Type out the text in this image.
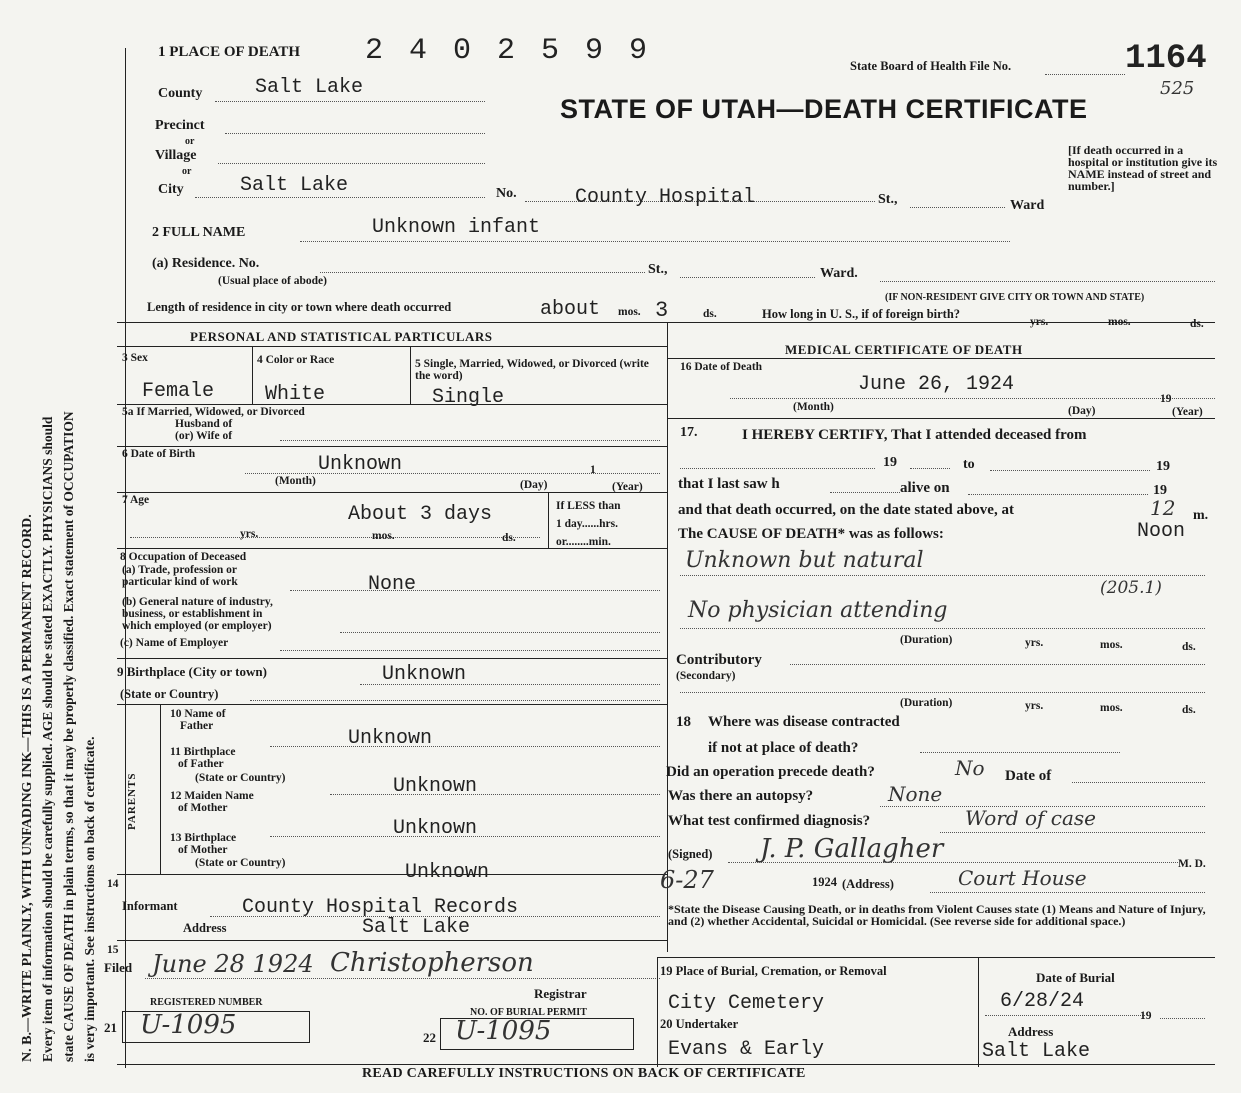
N. B.—WRITE PLAINLY, WITH UNFADING INK—THIS IS A PERMANENT RECORD. Every item of information should be carefully supplied. AGE should be stated EXACTLY. PHYSICIANS should state CAUSE OF DEATH in plain terms, so that it may be properly classified. Exact statement of OCCUPATION is very important. See instructions on back of certificate.
1 PLACE OF DEATH 2 4 0 2 5 9 9	State Board of Health File No.	1164
525
STATE OF UTAH—DEATH CERTIFICATE
[If death occurred in a hospital or institution give its NAME instead of street and number.]
County	Salt Lake
Precinct
or
Village
or
City	Salt Lake	No.	County Hospital	St.,	Ward
2 FULL NAME	Unknown infant
(a) Residence. No.
(Usual place of abode)
St.,	Ward.
(IF NON-RESIDENT GIVE CITY OR TOWN AND STATE)
Length of residence in city or town where death occurred	about mos. 3	ds.	How long in U. S., if of foreign birth?
yrs.	mos.	ds.
PERSONAL AND STATISTICAL PARTICULARS
3 Sex	4 Color or Race	5 Single, Married, Widowed, or Divorced (write the word)
Female	White	Single
5a If Married, Widowed, or Divorced
Husband of
(or) Wife of
6 Date of Birth	Unknown	1
(Month)	(Day)	(Year)
7 Age
About 3 days
yrs.	mos.	ds.
If LESS than
1 day......hrs.
or........min.
8 Occupation of Deceased
(a) Trade, profession or
particular kind of work	None
(b) General nature of industry,
business, or establishment in
which employed (or employer)
(c) Name of Employer
9 Birthplace (City or town)	Unknown
(State or Country)
PARENTS
10 Name of
Father
Unknown
11 Birthplace
of Father
(State or Country)	Unknown
12 Maiden Name
of Mother
Unknown
13 Birthplace
of Mother
(State or Country)	Unknown
14
Informant	County Hospital Records
Address	Salt Lake
15
Filed June 28 1924 Christopherson
Registrar
REGISTERED NUMBER
21 U-1095	22
NO. OF BURIAL PERMIT
U-1095
MEDICAL CERTIFICATE OF DEATH
16 Date of Death
June 26, 1924
19
(Month)	(Day)	(Year)
17.	I HEREBY CERTIFY, That I attended deceased from
19	to	19
that I last saw h	alive on	19
and that death occurred, on the date stated above, at	12 m.
The CAUSE OF DEATH* was as follows:	Noon
Unknown but natural
(205.1)
No physician attending
(Duration)	yrs.	mos.	ds.
Contributory
(Secondary)
(Duration)	yrs.	mos.	ds.
18 Where was disease contracted
if not at place of death?
Did an operation precede death?	No Date of
Was there an autopsy?	None
What test confirmed diagnosis?	Word of case
(Signed) J. P. Gallagher	M. D.
6-27	1924 (Address)	Court House
*State the Disease Causing Death, or in deaths from Violent Causes state (1) Means and Nature of Injury, and (2) whether Accidental, Suicidal or Homicidal. (See reverse side for additional space.)
19 Place of Burial, Cremation, or Removal	Date of Burial
City Cemetery	6/28/24
19
20 Undertaker
Evans & Early
Address
Salt Lake
READ CAREFULLY INSTRUCTIONS ON BACK OF CERTIFICATE
